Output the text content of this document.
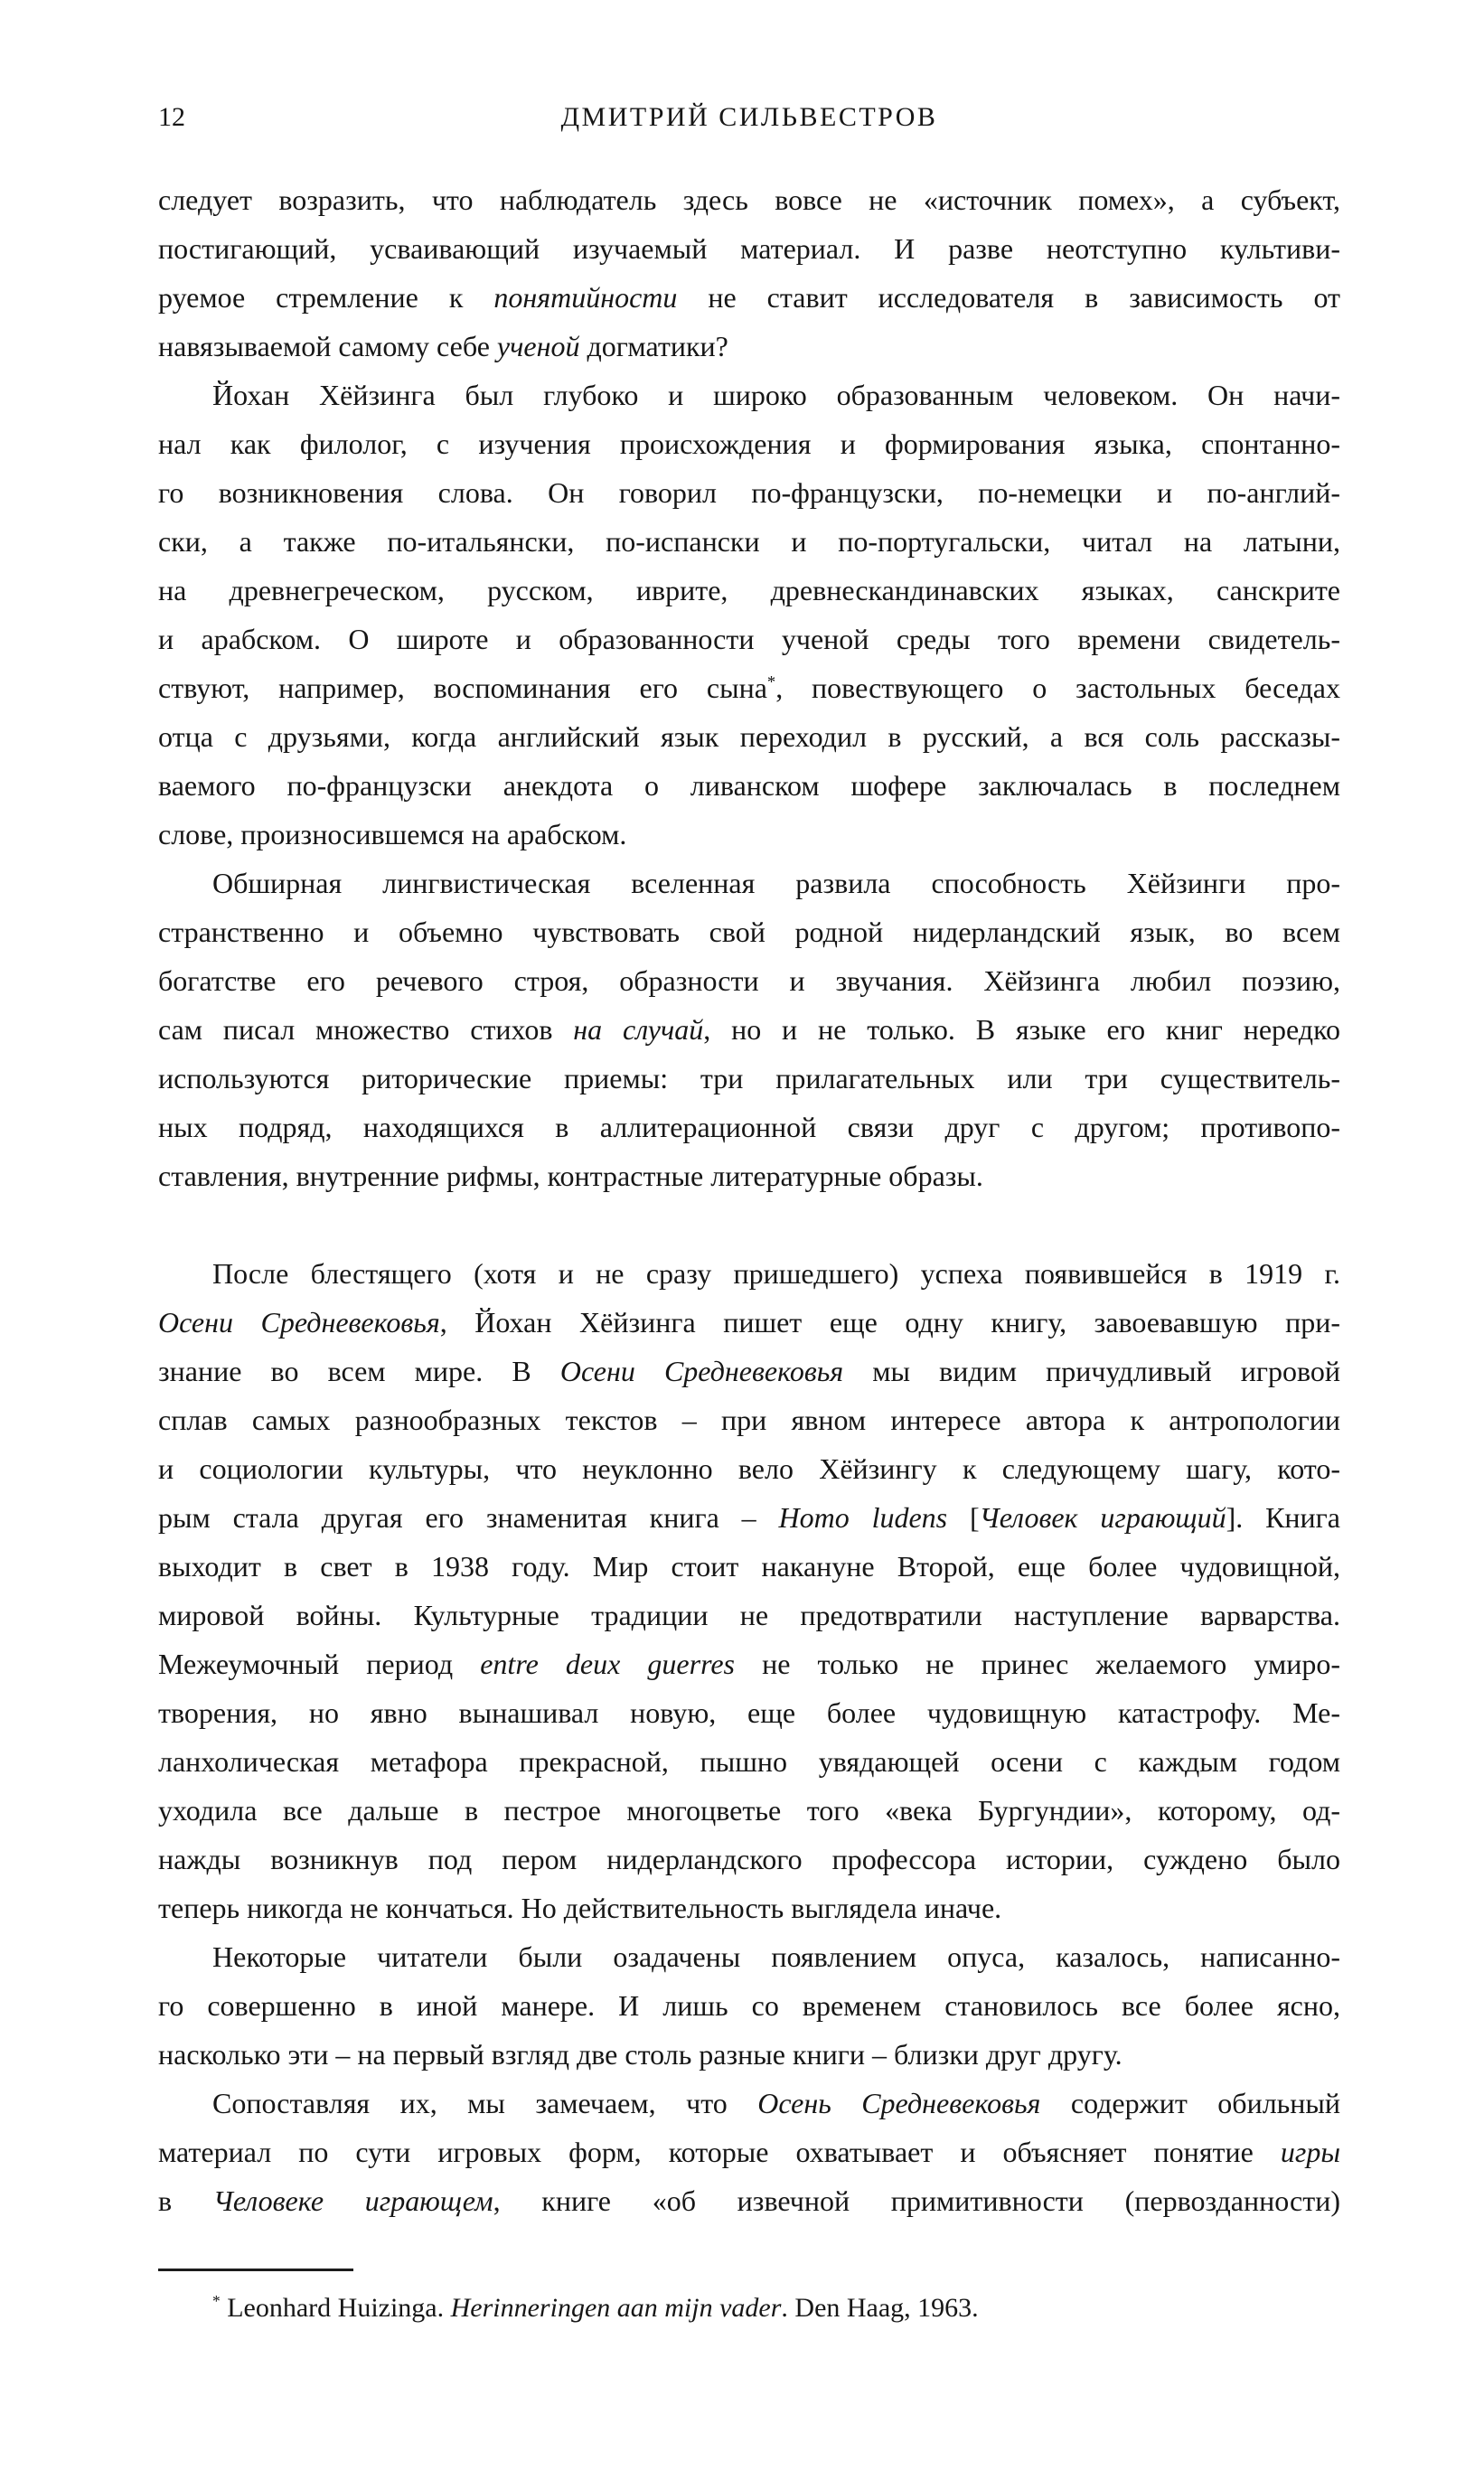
12	ДМИТРИЙ СИЛЬВЕСТРОВ
следует возразить, что наблюдатель здесь вовсе не «источник помех», а субъект,
постигающий, усваивающий изучаемый материал. И разве неотступно культиви-
руемое стремление к понятийности не ставит исследователя в зависимость от
навязываемой самому себе ученой догматики?
Йохан Хёйзинга был глубоко и широко образованным человеком. Он начи-
нал как филолог, с изучения происхождения и формирования языка, спонтанно-
го возникновения слова. Он говорил по-французски, по-немецки и по-англий-
ски, а также по-итальянски, по-испански и по-португальски, читал на латыни,
на древнегреческом, русском, иврите, древнескандинавских языках, санскрите
и арабском. О широте и образованности ученой среды того времени свидетель-
ствуют, например, воспоминания его сына*, повествующего о застольных беседах
отца с друзьями, когда английский язык переходил в русский, а вся соль рассказы-
ваемого по-французски анекдота о ливанском шофере заключалась в последнем
слове, произносившемся на арабском.
Обширная лингвистическая вселенная развила способность Хёйзинги про-
странственно и объемно чувствовать свой родной нидерландский язык, во всем
богатстве его речевого строя, образности и звучания. Хёйзинга любил поэзию,
сам писал множество стихов на случай, но и не только. В языке его книг нередко
используются риторические приемы: три прилагательных или три существитель-
ных подряд, находящихся в аллитерационной связи друг с другом; противопо-
ставления, внутренние рифмы, контрастные литературные образы.
После блестящего (хотя и не сразу пришедшего) успеха появившейся в 1919 г.
Осени Средневековья, Йохан Хёйзинга пишет еще одну книгу, завоевавшую при-
знание во всем мире. В Осени Средневековья мы видим причудливый игровой
сплав самых разнообразных текстов – при явном интересе автора к антропологии
и социологии культуры, что неуклонно вело Хёйзингу к следующему шагу, кото-
рым стала другая его знаменитая книга – Homo ludens [Человек играющий]. Книга
выходит в свет в 1938 году. Мир стоит накануне Второй, еще более чудовищной,
мировой войны. Культурные традиции не предотвратили наступление варварства.
Межеумочный период entre deux guerres не только не принес желаемого умиро-
творения, но явно вынашивал новую, еще более чудовищную катастрофу. Ме-
ланхолическая метафора прекрасной, пышно увядающей осени с каждым годом
уходила все дальше в пестрое многоцветье того «века Бургундии», которому, од-
нажды возникнув под пером нидерландского профессора истории, суждено было
теперь никогда не кончаться. Но действительность выглядела иначе.
Некоторые читатели были озадачены появлением опуса, казалось, написанно-
го совершенно в иной манере. И лишь со временем становилось все более ясно,
насколько эти – на первый взгляд две столь разные книги – близки друг другу.
Сопоставляя их, мы замечаем, что Осень Средневековья содержит обильный
материал по сути игровых форм, которые охватывает и объясняет понятие игры
в Человеке играющем, книге «об извечной примитивности (первозданности)
* Leonhard Huizinga. Herinneringen aan mijn vader. Den Haag, 1963.
